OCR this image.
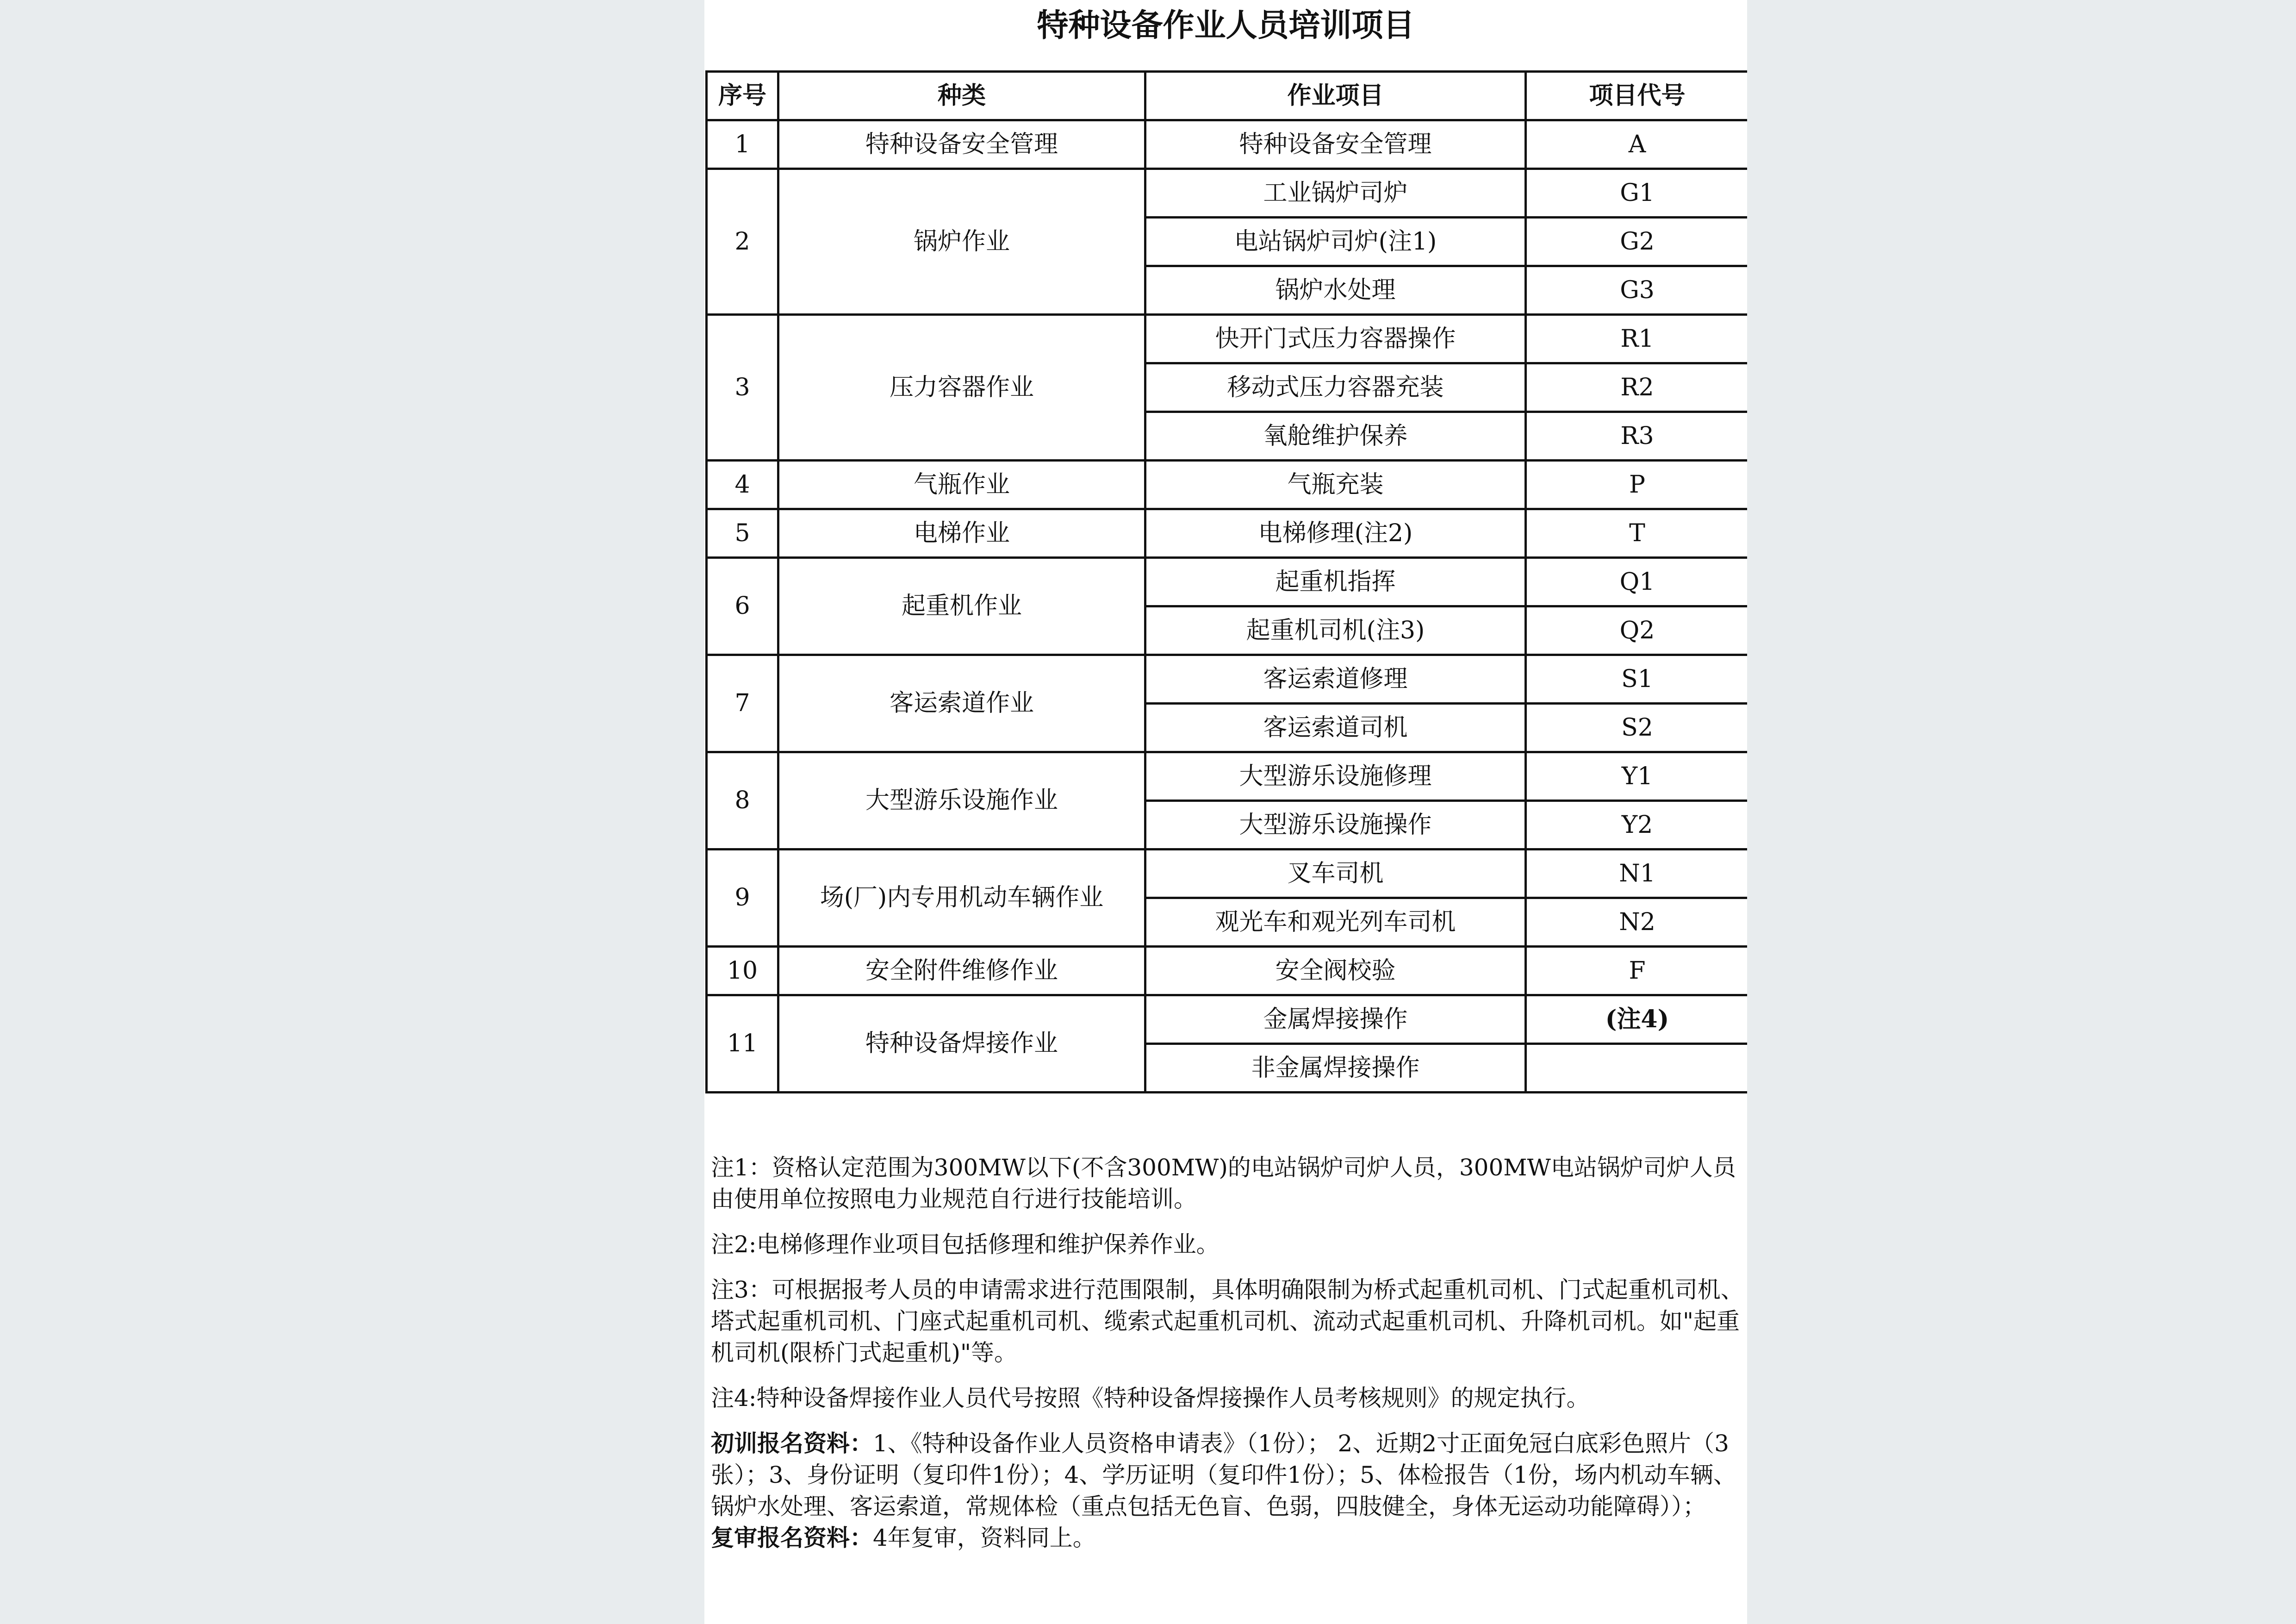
特种设备作业人员培训项目
序号	种类	作业项目	项目代号
1	特种设备安全管理	特种设备安全管理	A
2	锅炉作业	工业锅炉司炉	G1
		电站锅炉司炉(注1)	G2
		锅炉水处理	G3
3	压力容器作业	快开门式压力容器操作	R1
		移动式压力容器充装	R2
		氧舱维护保养	R3
4	气瓶作业	气瓶充装	P
5	电梯作业	电梯修理(注2)	T
6	起重机作业	起重机指挥	Q1
		起重机司机(注3)	Q2
7	客运索道作业	客运索道修理	S1
		客运索道司机	S2
8	大型游乐设施作业	大型游乐设施修理	Y1
		大型游乐设施操作	Y2
9	场(厂)内专用机动车辆作业	叉车司机	N1
		观光车和观光列车司机	N2
10	安全附件维修作业	安全阀校验	F
11	特种设备焊接作业	金属焊接操作	(注4)
		非金属焊接操作	

注1：资格认定范围为300MW以下(不含300MW)的电站锅炉司炉人员，300MW电站锅炉司炉人员由使用单位按照电力业规范自行进行技能培训。

注2:电梯修理作业项目包括修理和维护保养作业。

注3：可根据报考人员的申请需求进行范围限制，具体明确限制为桥式起重机司机、门式起重机司机、塔式起重机司机、门座式起重机司机、缆索式起重机司机、流动式起重机司机、升降机司机。如"起重机司机(限桥门式起重机)"等。

注4:特种设备焊接作业人员代号按照《特种设备焊接操作人员考核规则》的规定执行。

初训报名资料：1、《特种设备作业人员资格申请表》（1份）； 2、近期2寸正面免冠白底彩色照片（3张）；3、身份证明（复印件1份）；4、学历证明（复印件1份）；5、体检报告（1份，场内机动车辆、锅炉水处理、客运索道，常规体检（重点包括无色盲、色弱，四肢健全，身体无运动功能障碍））；

复审报名资料：4年复审，资料同上。
